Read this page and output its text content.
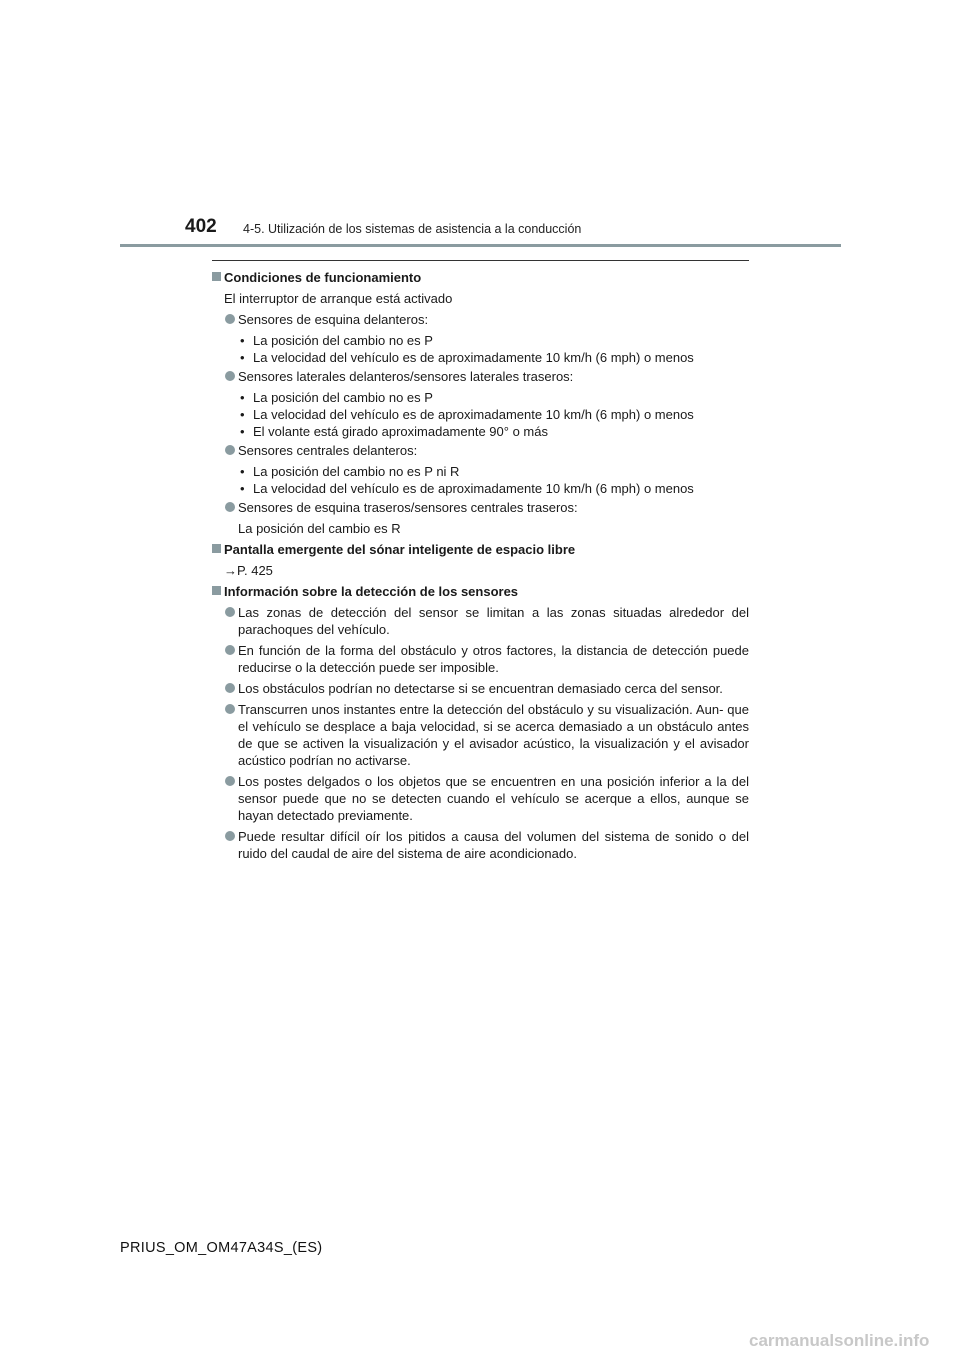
402 4-5. Utilización de los sistemas de asistencia a la conducción
Condiciones de funcionamiento
El interruptor de arranque está activado
Sensores de esquina delanteros:
• La posición del cambio no es P
• La velocidad del vehículo es de aproximadamente 10 km/h (6 mph) o menos
Sensores laterales delanteros/sensores laterales traseros:
• La posición del cambio no es P
• La velocidad del vehículo es de aproximadamente 10 km/h (6 mph) o menos
• El volante está girado aproximadamente 90° o más
Sensores centrales delanteros:
• La posición del cambio no es P ni R
• La velocidad del vehículo es de aproximadamente 10 km/h (6 mph) o menos
Sensores de esquina traseros/sensores centrales traseros:
La posición del cambio es R
Pantalla emergente del sónar inteligente de espacio libre
→P. 425
Información sobre la detección de los sensores
Las zonas de detección del sensor se limitan a las zonas situadas alrededor del parachoques del vehículo.
En función de la forma del obstáculo y otros factores, la distancia de detección puede reducirse o la detección puede ser imposible.
Los obstáculos podrían no detectarse si se encuentran demasiado cerca del sensor.
Transcurren unos instantes entre la detección del obstáculo y su visualización. Aun- que el vehículo se desplace a baja velocidad, si se acerca demasiado a un obstáculo antes de que se activen la visualización y el avisador acústico, la visualización y el avisador acústico podrían no activarse.
Los postes delgados o los objetos que se encuentren en una posición inferior a la del sensor puede que no se detecten cuando el vehículo se acerque a ellos, aunque se hayan detectado previamente.
Puede resultar difícil oír los pitidos a causa del volumen del sistema de sonido o del ruido del caudal de aire del sistema de aire acondicionado.
PRIUS_OM_OM47A34S_(ES)
carmanualsonline.info
